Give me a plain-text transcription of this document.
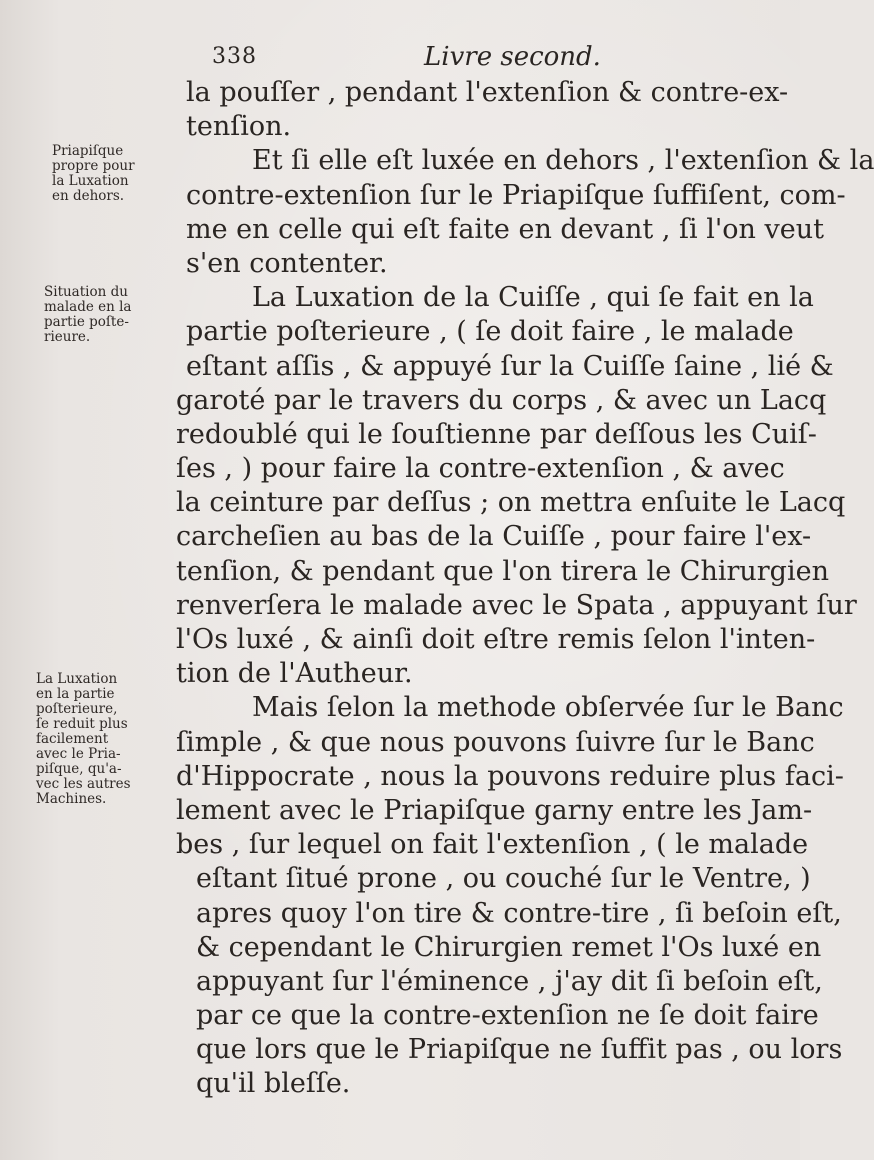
338	Livre second.
Priapiſque
propre pour
la Luxation
en dehors.
Situation du
malade en la
partie poſte-
rieure.
La Luxation
en la partie
poſterieure,
ſe reduit plus
facilement
avec le Pria-
piſque, qu'a-
vec les autres
Machines.
la pouſſer , pendant l'extenſion & contre-ex-
tenſion.
Et ſi elle eſt luxée en dehors , l'extenſion & la
contre-extenſion ſur le Priapiſque ſuffiſent, com-
me en celle qui eſt faite en devant , ſi l'on veut
s'en contenter.
La Luxation de la Cuiſſe , qui ſe fait en la
partie poſterieure , ( ſe doit faire , le malade
eſtant aſſis , & appuyé ſur la Cuiſſe ſaine , lié &
garoté par le travers du corps , & avec un Lacq
redoublé qui le ſouſtienne par deſſous les Cuiſ-
ſes , ) pour faire la contre-extenſion , & avec
la ceinture par deſſus ; on mettra enſuite le Lacq
carcheſien au bas de la Cuiſſe , pour faire l'ex-
tenſion, & pendant que l'on tirera le Chirurgien
renverſera le malade avec le Spata , appuyant ſur
l'Os luxé , & ainſi doit eſtre remis ſelon l'inten-
tion de l'Autheur.
Mais ſelon la methode obſervée ſur le Banc
ſimple , & que nous pouvons ſuivre ſur le Banc
d'Hippocrate , nous la pouvons reduire plus faci-
lement avec le Priapiſque garny entre les Jam-
bes , ſur lequel on fait l'extenſion , ( le malade
eſtant ſitué prone , ou couché ſur le Ventre, )
apres quoy l'on tire & contre-tire , ſi beſoin eſt,
& cependant le Chirurgien remet l'Os luxé en
appuyant ſur l'éminence , j'ay dit ſi beſoin eſt,
par ce que la contre-extenſion ne ſe doit faire
que lors que le Priapiſque ne ſuffit pas , ou lors
qu'il bleſſe.
